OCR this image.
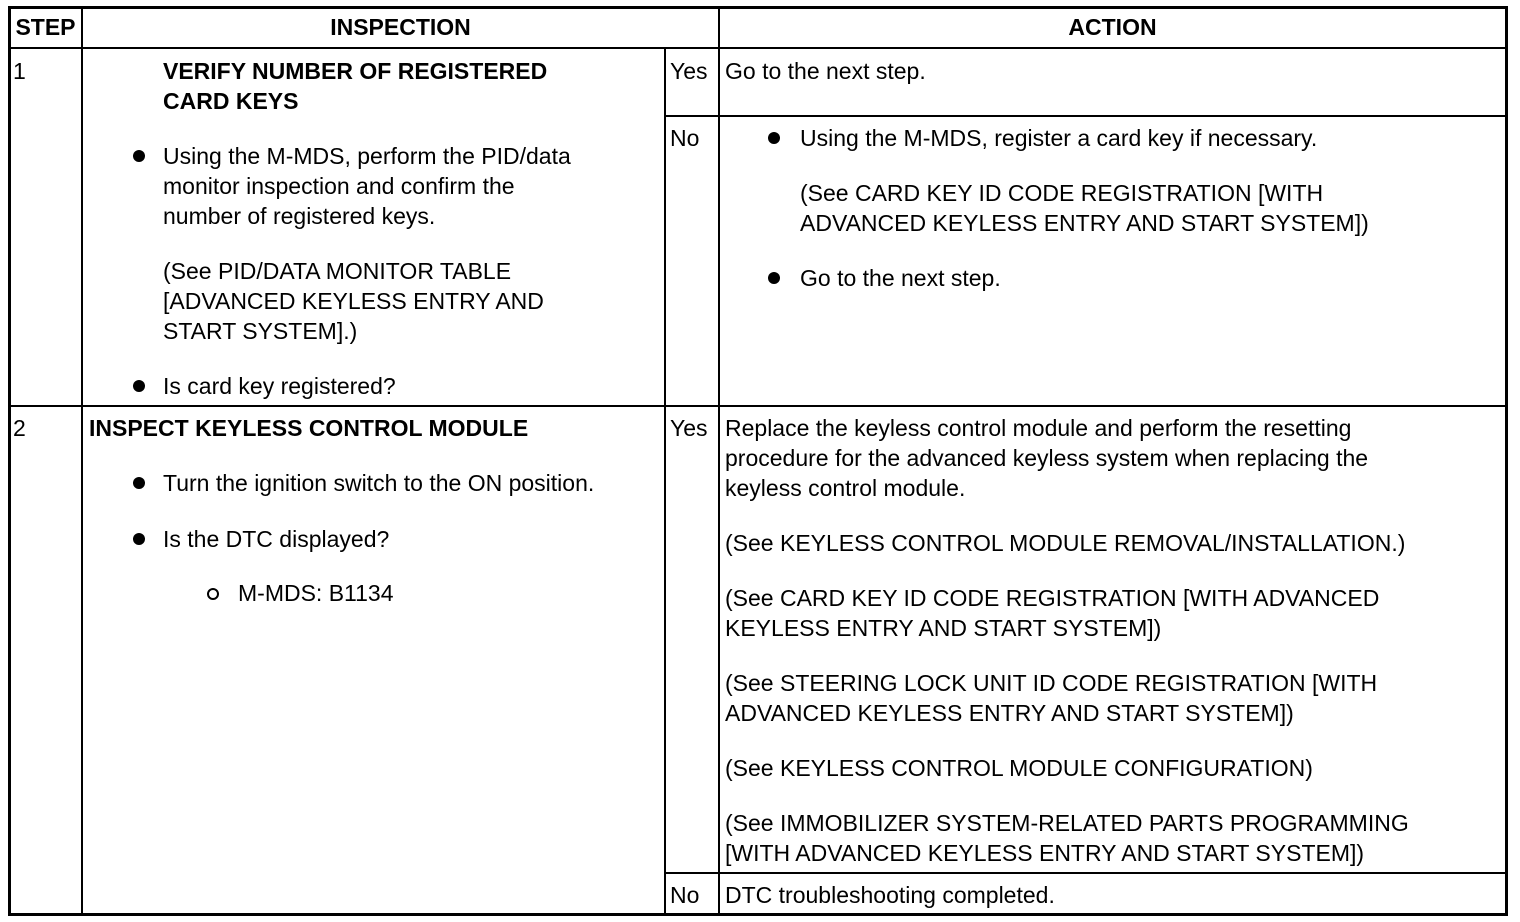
STEP	INSPECTION	ACTION
1	VERIFY NUMBER OF REGISTERED
CARD KEYS
Using the M-MDS, perform the PID/data
monitor inspection and confirm the
number of registered keys.
(See PID/DATA MONITOR TABLE
[ADVANCED KEYLESS ENTRY AND
START SYSTEM].)
Is card key registered?
Yes Go to the next step.
No	Using the M-MDS, register a card key if necessary.
(See CARD KEY ID CODE REGISTRATION [WITH
ADVANCED KEYLESS ENTRY AND START SYSTEM])
Go to the next step.
2	INSPECT KEYLESS CONTROL MODULE
Turn the ignition switch to the ON position.
Is the DTC displayed?
M-MDS: B1134
Yes Replace the keyless control module and perform the resetting
procedure for the advanced keyless system when replacing the
keyless control module.
(See KEYLESS CONTROL MODULE REMOVAL/INSTALLATION.)
(See CARD KEY ID CODE REGISTRATION [WITH ADVANCED
KEYLESS ENTRY AND START SYSTEM])
(See STEERING LOCK UNIT ID CODE REGISTRATION [WITH
ADVANCED KEYLESS ENTRY AND START SYSTEM])
(See KEYLESS CONTROL MODULE CONFIGURATION)
(See IMMOBILIZER SYSTEM-RELATED PARTS PROGRAMMING
[WITH ADVANCED KEYLESS ENTRY AND START SYSTEM])
No DTC troubleshooting completed.
